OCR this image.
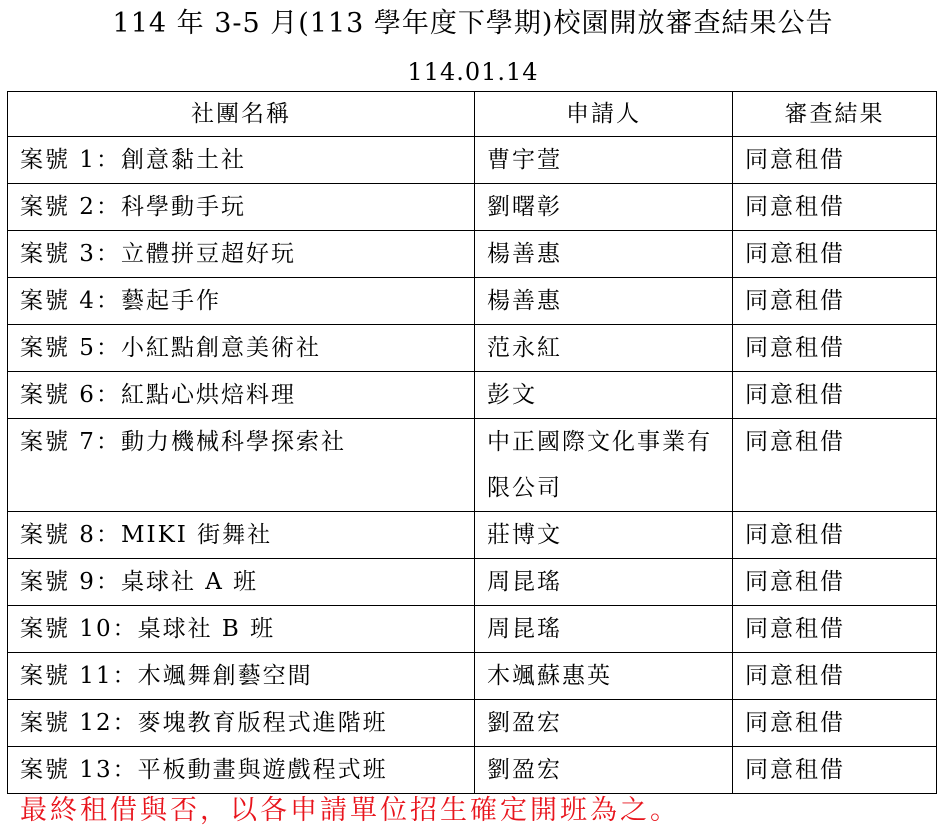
114 年 3-5 月(113 學年度下學期)校園開放審查結果公告
114.01.14
社團名稱	申請人	審查結果
案號 1：創意黏土社	曹宇萱	同意租借
案號 2：科學動手玩	劉曙彰	同意租借
案號 3：立體拼豆超好玩	楊善惠	同意租借
案號 4：藝起手作	楊善惠	同意租借
案號 5：小紅點創意美術社	范永紅	同意租借
案號 6：紅點心烘焙料理	彭文	同意租借
案號 7：動力機械科學探索社	中正國際文化事業有限公司	同意租借
案號 8：MIKI 街舞社	莊博文	同意租借
案號 9：桌球社 A 班	周昆瑤	同意租借
案號 10：桌球社 B 班	周昆瑤	同意租借
案號 11：木颯舞創藝空間	木颯蘇惠英	同意租借
案號 12：麥塊教育版程式進階班	劉盈宏	同意租借
案號 13：平板動畫與遊戲程式班	劉盈宏	同意租借
最終租借與否，以各申請單位招生確定開班為之。
